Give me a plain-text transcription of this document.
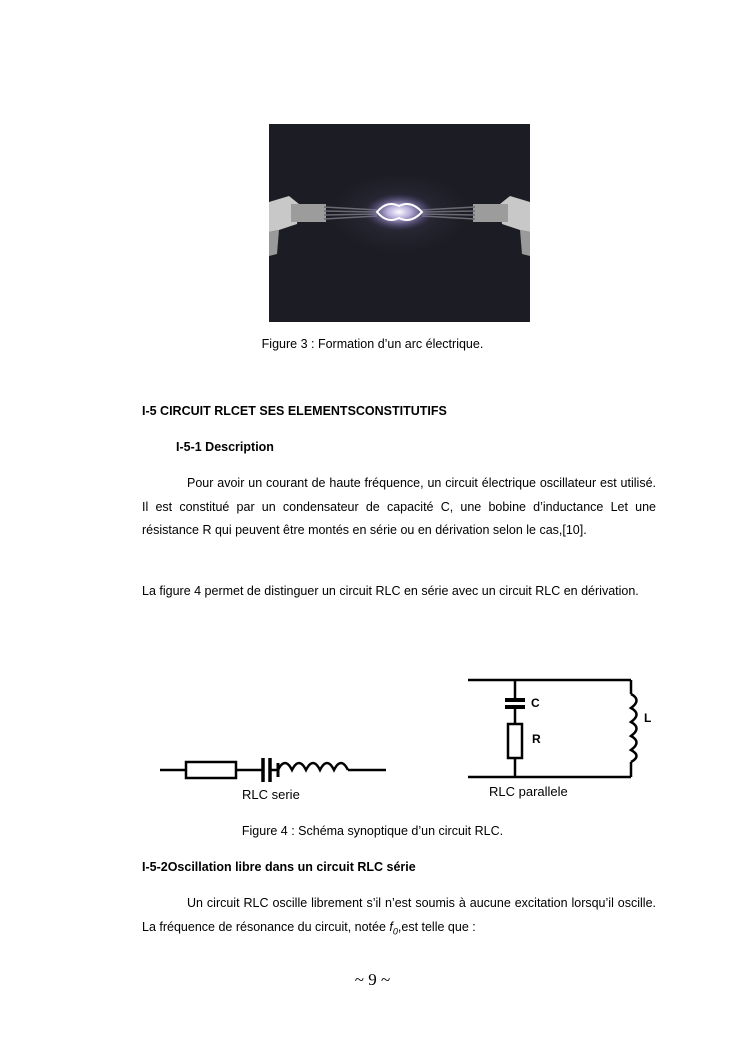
Figure 3 : Formation d’un arc électrique.
I-5 CIRCUIT RLCET SES ELEMENTSCONSTITUTIFS
I-5-1 Description
Pour avoir un courant de haute fréquence, un circuit électrique oscillateur est utilisé. Il est constitué par un condensateur de capacité C, une bobine d’inductance Let une résistance R qui peuvent être montés en série ou en dérivation selon le cas,[10].
La figure 4 permet de distinguer un circuit RLC en série avec un circuit RLC en dérivation.
RLC serie
C
R
L
RLC parallele
Figure 4 : Schéma synoptique d’un circuit RLC.
I-5-2Oscillation libre dans un circuit RLC série
Un circuit RLC oscille librement s’il n’est soumis à aucune excitation lorsqu’il oscille. La fréquence de résonance du circuit, notée $f_0,est$ telle que :
~ 9 ~
